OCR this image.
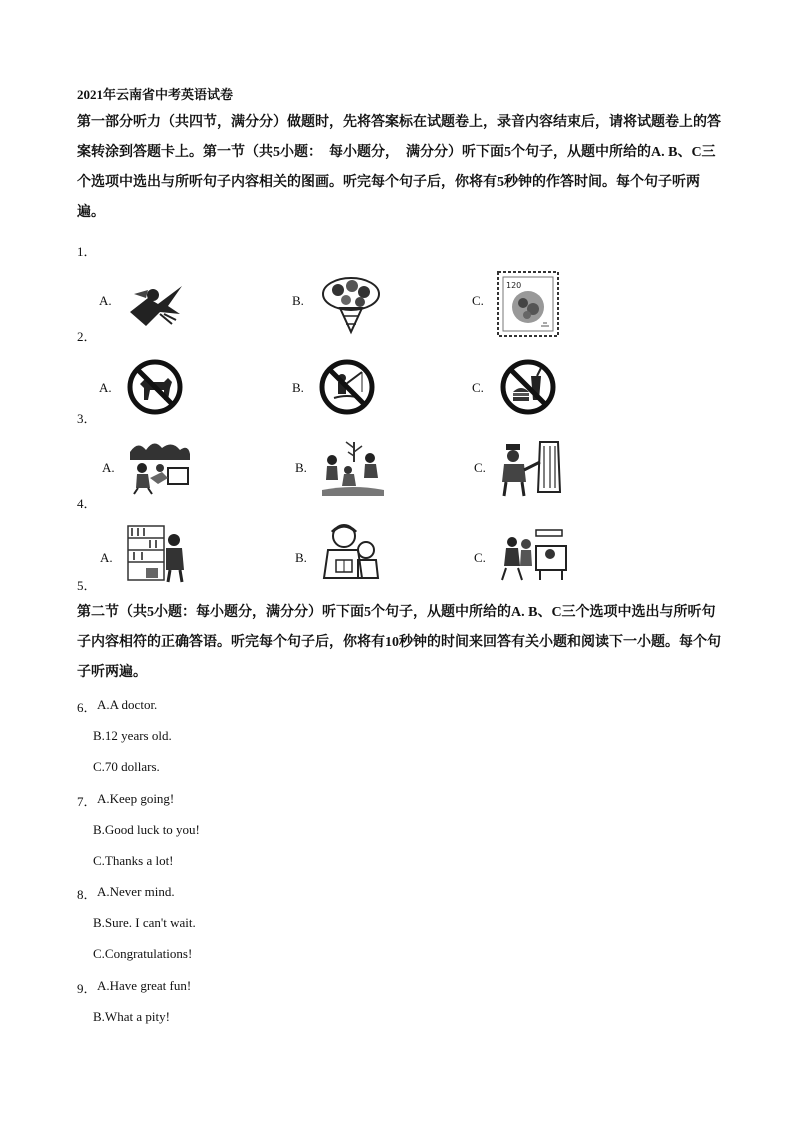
2021年云南省中考英语试卷
第一部分听力（共四节，满分分）做题时，先将答案标在试题卷上，录音内容结束后，请将试题卷上的答案转涂到答题卡上。第一节（共5小题：　每小题分，　满分分）听下面5个句子，从题中所给的A. B、C三个选项中选出与所听句子内容相关的图画。听完每个句子后，你将有5秒钟的作答时间。每个句子听两遍。
1．
A.	B.	C.
120
2．
A.	B.	C.
3．
A.	B.	C.
4．
A.	B.	C.
5．
第二节（共5小题：每小题分，满分分）听下面5个句子，从题中所给的A. B、C三个选项中选出与所听句子内容相符的正确答语。听完每个句子后，你将有10秒钟的时间来回答有关小题和阅读下一小题。每个句子听两遍。
6． A.A doctor.
B.12 years old.
C.70 dollars.
7． A.Keep going!
B.Good luck to you!
C.Thanks a lot!
8． A.Never mind.
B.Sure. I can't wait.
C.Congratulations!
9． A.Have great fun!
B.What a pity!
